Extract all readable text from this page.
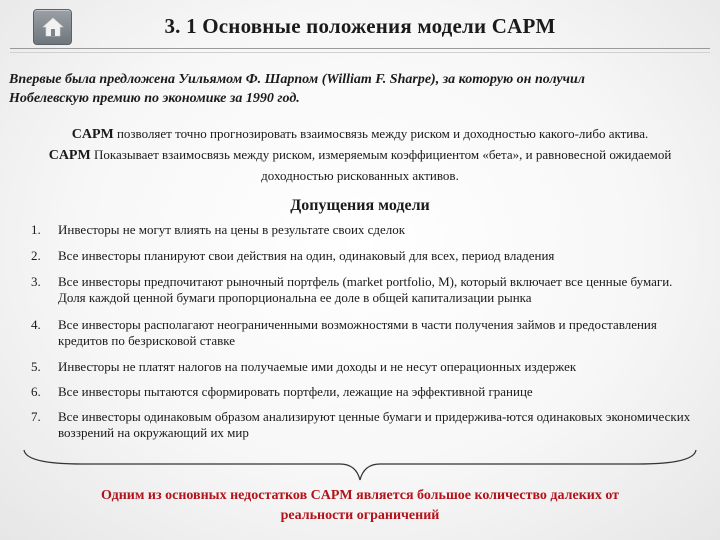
3. 1 Основные положения модели CAPM
Впервые была предложена Уильямом Ф. Шарпом (William F. Sharpe), за которую он получил
Нобелевскую премию по экономике за 1990 год.
CAPM позволяет точно прогнозировать взаимосвязь между риском и доходностью какого-либо актива.
CAPM Показывает взаимосвязь между риском, измеряемым коэффициентом «бета», и равновесной ожидаемой
доходностью рискованных активов.
Допущения модели
1.	Инвесторы не могут влиять на цены в результате своих сделок
2.	Все инвесторы планируют свои действия на один, одинаковый для всех, период владения
3.	Все инвесторы предпочитают рыночный портфель (market portfolio, M), который включает все ценные бумаги. Доля каждой ценной бумаги пропорциональна ее доле в общей капитализации рынка
4.	Все инвесторы располагают неограниченными возможностями в части получения займов и предоставления кредитов по безрисковой ставке
5.	Инвесторы не платят налогов на получаемые ими доходы и не несут операционных издержек
6.	Все инвесторы пытаются сформировать портфели, лежащие на эффективной границе
7.	Все инвесторы одинаковым образом анализируют ценные бумаги и придержива-ются одинаковых экономических воззрений на окружающий их мир
Одним из основных недостатков CAPM является большое количество далеких от
реальности ограничений
